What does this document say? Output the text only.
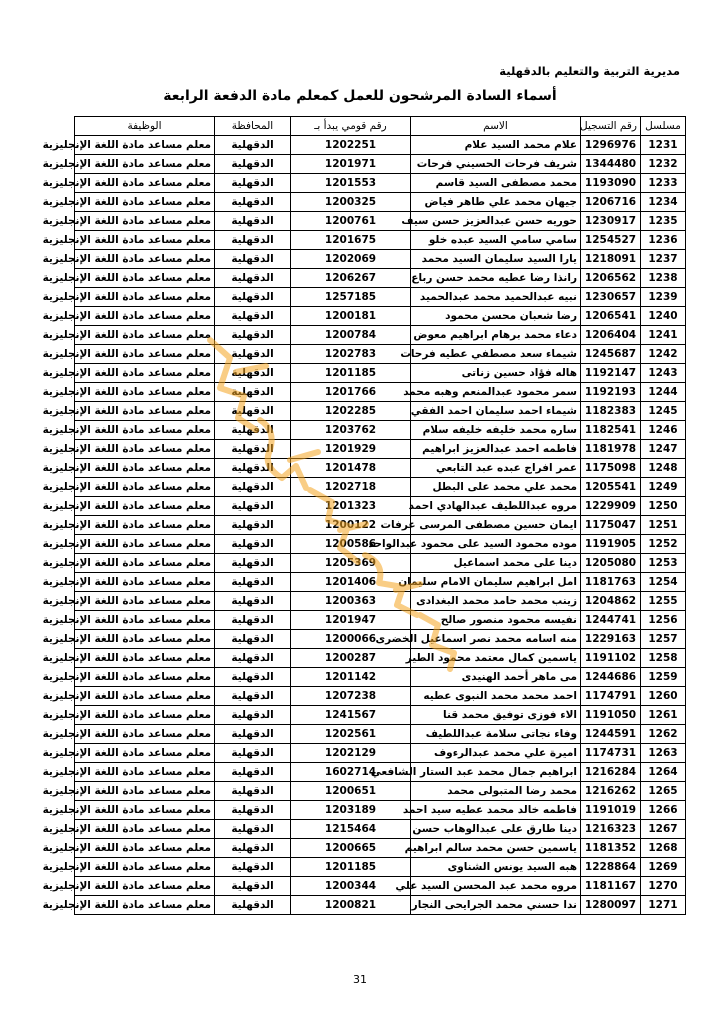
مديرية التربية والتعليم بالدقهلية
أسماء السادة المرشحون للعمل كمعلم مادة الدفعة الرابعة
مسلسل	رقم التسجيل	الاسم	رقم قومي يبدأ بـ	المحافظة	الوظيفة
1231	1296976	علام محمد السيد علام	1202251	الدقهلية	معلم مساعد مادة اللغة الإنجليزية
1232	1344480	شريف فرحات الحسيني فرحات	1201971	الدقهلية	معلم مساعد مادة اللغة الإنجليزية
1233	1193090	محمد مصطفى السيد قاسم	1201553	الدقهلية	معلم مساعد مادة اللغة الإنجليزية
1234	1206716	جيهان محمد علي طاهر فياض	1200325	الدقهلية	معلم مساعد مادة اللغة الإنجليزية
1235	1230917	حوريه حسن عبدالعزيز حسن سيف	1200761	الدقهلية	معلم مساعد مادة اللغة الإنجليزية
1236	1254527	سامي سامي السيد عبده خلو	1201675	الدقهلية	معلم مساعد مادة اللغة الإنجليزية
1237	1218091	يارا السيد سليمان السيد محمد	1202069	الدقهلية	معلم مساعد مادة اللغة الإنجليزية
1238	1206562	رانذا رضا عطيه محمد حسن رباع	1206267	الدقهلية	معلم مساعد مادة اللغة الإنجليزية
1239	1230657	نبيه عبدالحميد محمد عبدالحميد	1257185	الدقهلية	معلم مساعد مادة اللغة الإنجليزية
1240	1206541	رضا شعبان محسن محمود	1200181	الدقهلية	معلم مساعد مادة اللغة الإنجليزية
1241	1206404	دعاء محمد برهام ابراهيم معوض	1200784	الدقهلية	معلم مساعد مادة اللغة الإنجليزية
1242	1245687	شيماء سعد مصطفي عطيه فرحات	1202783	الدقهلية	معلم مساعد مادة اللغة الإنجليزية
1243	1192147	هاله فؤاد حسين زناتى	1201185	الدقهلية	معلم مساعد مادة اللغة الإنجليزية
1244	1192193	سمر محمود عبدالمنعم وهبه محمد	1201766	الدقهلية	معلم مساعد مادة اللغة الإنجليزية
1245	1182383	شيماء احمد سليمان احمد الفقي	1202285	الدقهلية	معلم مساعد مادة اللغة الإنجليزية
1246	1182541	ساره محمد خليفه خليفه سلام	1203762	الدقهلية	معلم مساعد مادة اللغة الإنجليزية
1247	1181978	فاطمه احمد عبدالعزيز ابراهيم	1201929	الدقهلية	معلم مساعد مادة اللغة الإنجليزية
1248	1175098	عمر افراج عبده عبد التابعي	1201478	الدقهلية	معلم مساعد مادة اللغة الإنجليزية
1249	1205541	محمد علي محمد على البطل	1202718	الدقهلية	معلم مساعد مادة اللغة الإنجليزية
1250	1229909	مروه عبداللطيف عبدالهادي احمد	1201323	الدقهلية	معلم مساعد مادة اللغة الإنجليزية
1251	1175047	ايمان حسين مصطفى المرسى عرفات	1200122	الدقهلية	معلم مساعد مادة اللغة الإنجليزية
1252	1191905	موده محمود السيد على محمود عبدالواحد	1200586	الدقهلية	معلم مساعد مادة اللغة الإنجليزية
1253	1205080	دينا على محمد اسماعيل	1205369	الدقهلية	معلم مساعد مادة اللغة الإنجليزية
1254	1181763	امل ابراهيم سليمان الامام سليمان	1201406	الدقهلية	معلم مساعد مادة اللغة الإنجليزية
1255	1204862	زينب محمد حامد محمد البغدادى	1200363	الدقهلية	معلم مساعد مادة اللغة الإنجليزية
1256	1244741	نفيسه محمود منصور صالح	1201947	الدقهلية	معلم مساعد مادة اللغة الإنجليزية
1257	1229163	منه اسامه محمد نصر اسماعيل الخضرى	1200066	الدقهلية	معلم مساعد مادة اللغة الإنجليزية
1258	1191102	ياسمين كمال معتمد محمود الطير	1200287	الدقهلية	معلم مساعد مادة اللغة الإنجليزية
1259	1244686	مى ماهر أحمد الهنيدى	1201142	الدقهلية	معلم مساعد مادة اللغة الإنجليزية
1260	1174791	احمد محمد محمد النبوى عطيه	1207238	الدقهلية	معلم مساعد مادة اللغة الإنجليزية
1261	1191050	الاء فوزى توفيق محمد قنا	1241567	الدقهلية	معلم مساعد مادة اللغة الإنجليزية
1262	1244591	وفاء نجاتى سلامة عبداللطيف	1202561	الدقهلية	معلم مساعد مادة اللغة الإنجليزية
1263	1174731	اميرة علي محمد عبدالرءوف	1202129	الدقهلية	معلم مساعد مادة اللغة الإنجليزية
1264	1216284	ابراهيم جمال محمد عبد الستار الشافعي	1602714	الدقهلية	معلم مساعد مادة اللغة الإنجليزية
1265	1216262	محمد رضا المتبولى محمد	1200651	الدقهلية	معلم مساعد مادة اللغة الإنجليزية
1266	1191019	فاطمه خالد محمد عطيه سيد احمد	1203189	الدقهلية	معلم مساعد مادة اللغة الإنجليزية
1267	1216323	دينا طارق على عبدالوهاب حسن	1215464	الدقهلية	معلم مساعد مادة اللغة الإنجليزية
1268	1181352	ياسمين حسن محمد سالم ابراهيم	1200665	الدقهلية	معلم مساعد مادة اللغة الإنجليزية
1269	1228864	هبه السيد يونس الشناوى	1201185	الدقهلية	معلم مساعد مادة اللغة الإنجليزية
1270	1181167	مروه محمد عبد المحسن السيد علي	1200344	الدقهلية	معلم مساعد مادة اللغة الإنجليزية
1271	1280097	ندا حسني محمد الجرايحى النجار	1200821	الدقهلية	معلم مساعد مادة اللغة الإنجليزية
31
